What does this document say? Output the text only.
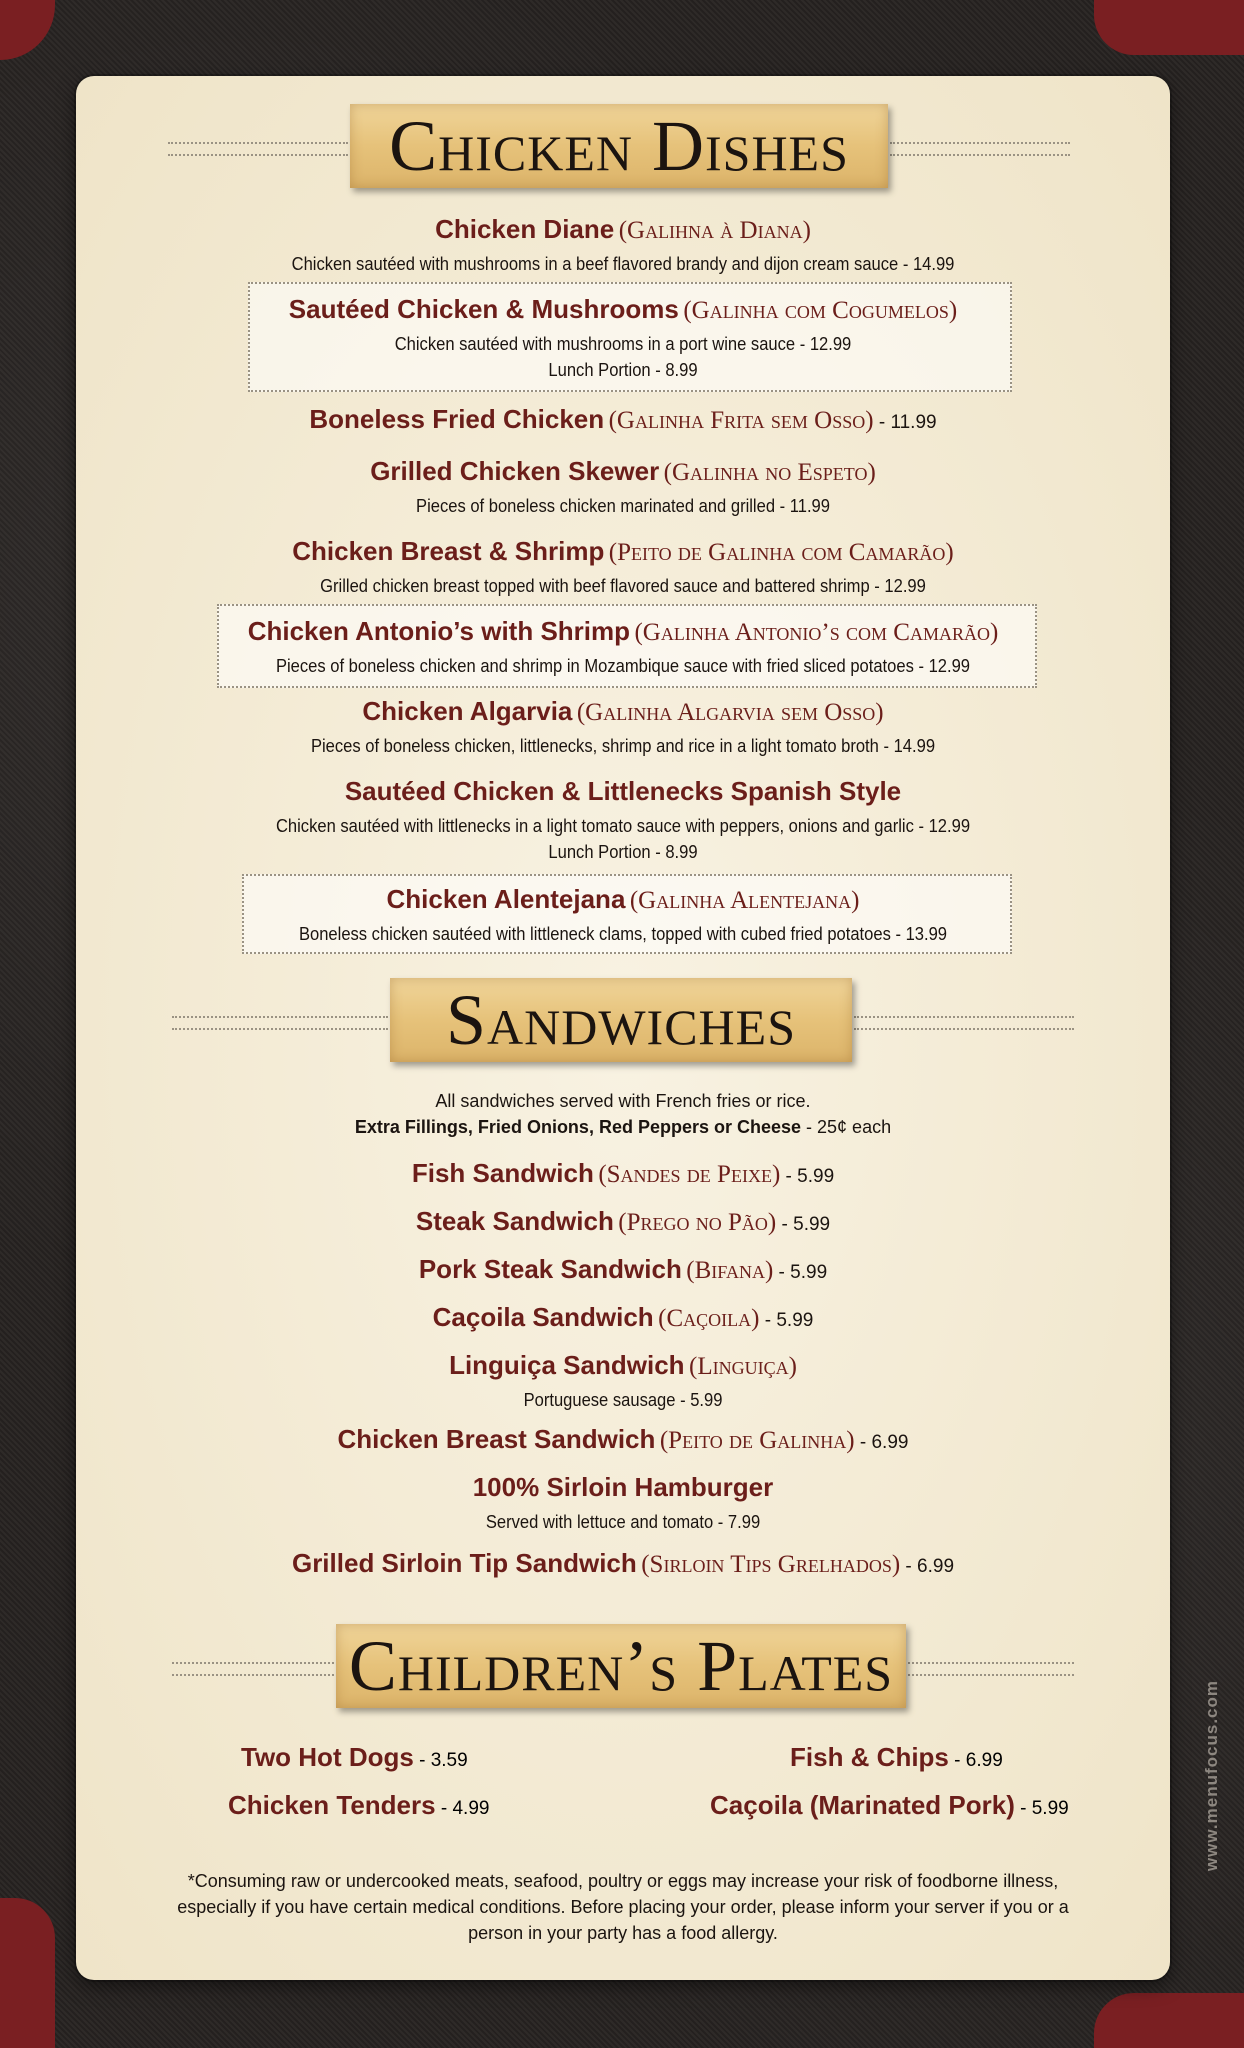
www.menufocus.com
Chicken Dishes
Chicken Diane (Galihna à Diana)
Chicken sautéed with mushrooms in a beef flavored brandy and dijon cream sauce - 14.99
Sautéed Chicken & Mushrooms (Galinha com Cogumelos)
Chicken sautéed with mushrooms in a port wine sauce - 12.99
Lunch Portion - 8.99
Boneless Fried Chicken (Galinha Frita sem Osso) - 11.99
Grilled Chicken Skewer (Galinha no Espeto)
Pieces of boneless chicken marinated and grilled - 11.99
Chicken Breast & Shrimp (Peito de Galinha com Camarão)
Grilled chicken breast topped with beef flavored sauce and battered shrimp - 12.99
Chicken Antonio’s with Shrimp (Galinha Antonio’s com Camarão)
Pieces of boneless chicken and shrimp in Mozambique sauce with fried sliced potatoes - 12.99
Chicken Algarvia (Galinha Algarvia sem Osso)
Pieces of boneless chicken, littlenecks, shrimp and rice in a light tomato broth - 14.99
Sautéed Chicken & Littlenecks Spanish Style
Chicken sautéed with littlenecks in a light tomato sauce with peppers, onions and garlic - 12.99
Lunch Portion - 8.99
Chicken Alentejana (Galinha Alentejana)
Boneless chicken sautéed with littleneck clams, topped with cubed fried potatoes - 13.99
Sandwiches
All sandwiches served with French fries or rice.
Extra Fillings, Fried Onions, Red Peppers or Cheese - 25¢ each
Fish Sandwich (Sandes de Peixe) - 5.99
Steak Sandwich (Prego no Pão) - 5.99
Pork Steak Sandwich (Bifana) - 5.99
Caçoila Sandwich (Caçoila) - 5.99
Linguiça Sandwich (Linguiça)
Portuguese sausage - 5.99
Chicken Breast Sandwich (Peito de Galinha) - 6.99
100% Sirloin Hamburger
Served with lettuce and tomato - 7.99
Grilled Sirloin Tip Sandwich (Sirloin Tips Grelhados) - 6.99
Children’s Plates
Two Hot Dogs - 3.59	Fish & Chips - 6.99
Chicken Tenders - 4.99	Caçoila (Marinated Pork) - 5.99
*Consuming raw or undercooked meats, seafood, poultry or eggs may increase your risk of foodborne illness, especially if you have certain medical conditions. Before placing your order, please inform your server if you or a person in your party has a food allergy.
